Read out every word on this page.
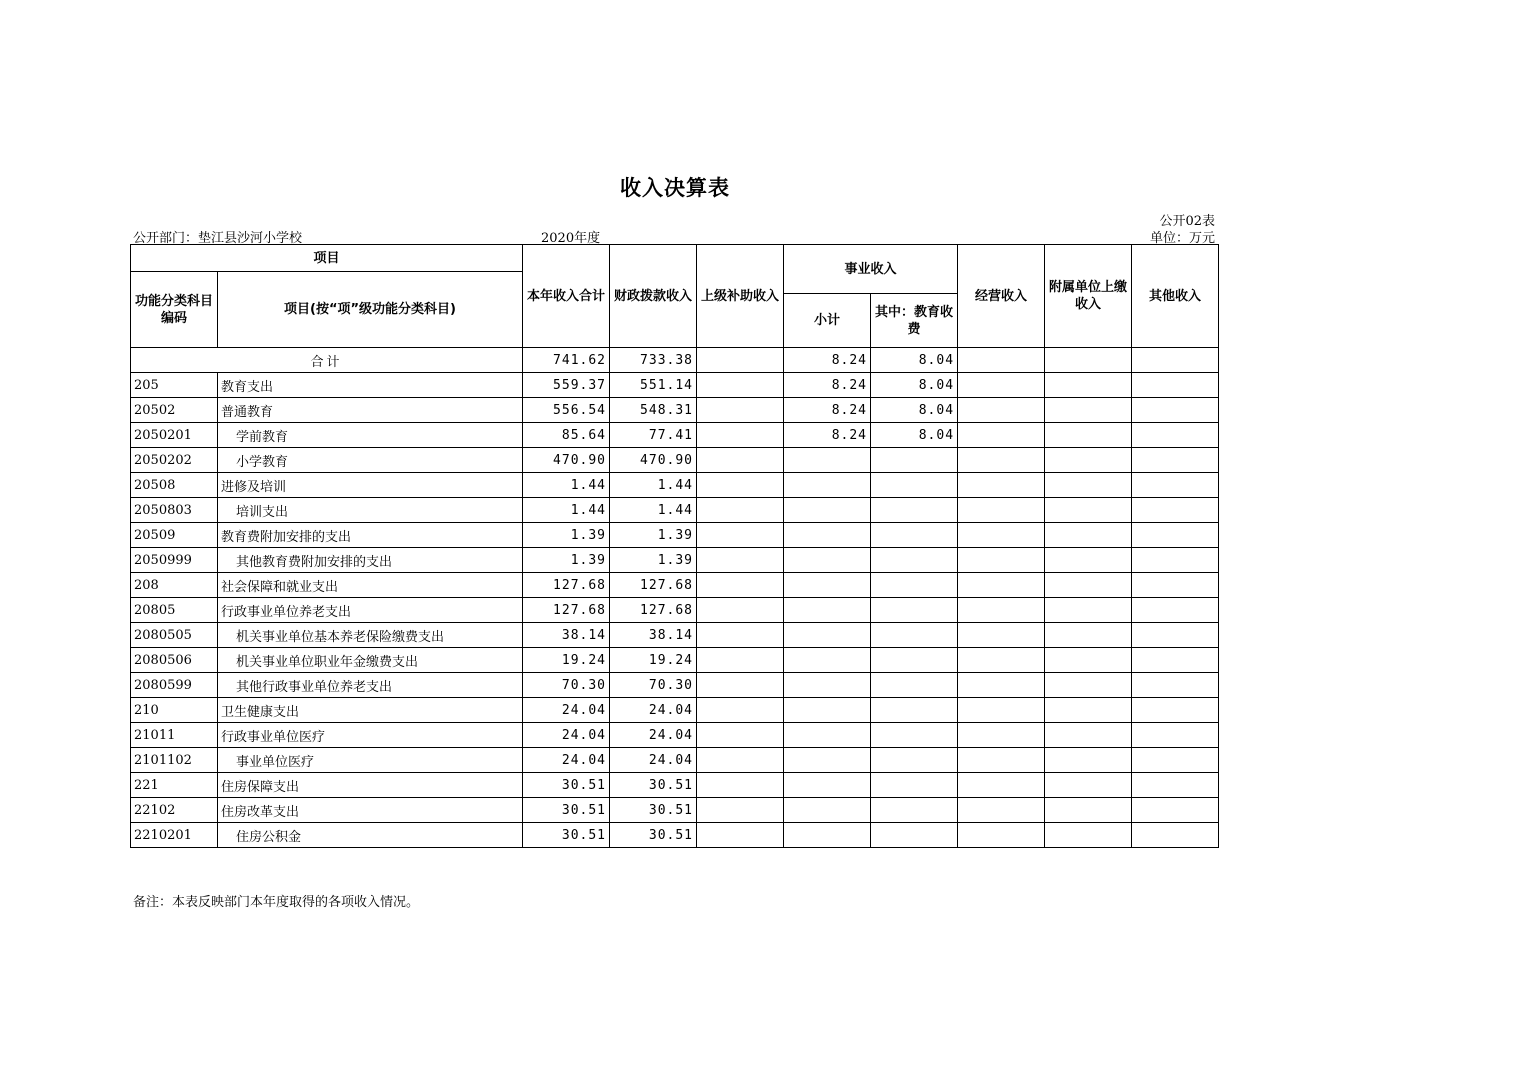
收入决算表
公开02表
公开部门：垫江县沙河小学校	2020年度	单位：万元
项目		本年收入合计	财政拨款收入	上级补助收入	事业收入		经营收入	附属单位上缴收入	其他收入
功能分类科目编码	项目(按“项”级功能分类科目)								
					小计	其中：教育收费			
合计		741.62	733.38		8.24	8.04			
205	教育支出	559.37	551.14		8.24	8.04			
20502	普通教育	556.54	548.31		8.24	8.04			
2050201	学前教育	85.64	77.41		8.24	8.04			
2050202	小学教育	470.90	470.90						
20508	进修及培训	1.44	1.44						
2050803	培训支出	1.44	1.44						
20509	教育费附加安排的支出	1.39	1.39						
2050999	其他教育费附加安排的支出	1.39	1.39						
208	社会保障和就业支出	127.68	127.68						
20805	行政事业单位养老支出	127.68	127.68						
2080505	机关事业单位基本养老保险缴费支出	38.14	38.14						
2080506	机关事业单位职业年金缴费支出	19.24	19.24						
2080599	其他行政事业单位养老支出	70.30	70.30						
210	卫生健康支出	24.04	24.04						
21011	行政事业单位医疗	24.04	24.04						
2101102	事业单位医疗	24.04	24.04						
221	住房保障支出	30.51	30.51						
22102	住房改革支出	30.51	30.51						
2210201	住房公积金	30.51	30.51						
备注：本表反映部门本年度取得的各项收入情况。
